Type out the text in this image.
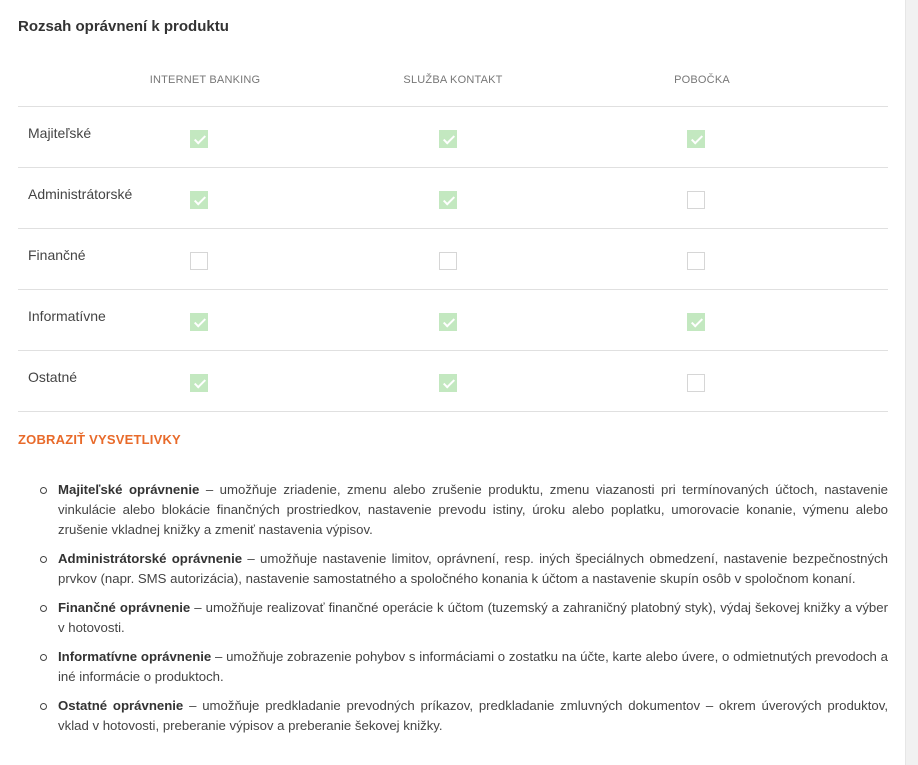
Rozsah oprávnení k produktu
INTERNET BANKING	SLUŽBA KONTAKT	POBOČKA
Majiteľské
Administrátorské
Finančné
Informatívne
Ostatné
ZOBRAZIŤ VYSVETLIVKY
Majiteľské oprávnenie – umožňuje zriadenie, zmenu alebo zrušenie produktu, zmenu viazanosti pri termínovaných účtoch, nastavenie vinkulácie alebo blokácie finančných prostriedkov, nastavenie prevodu istiny, úroku alebo poplatku, umorovacie konanie, výmenu alebo zrušenie vkladnej knižky a zmeniť nastavenia výpisov.
Administrátorské oprávnenie – umožňuje nastavenie limitov, oprávnení, resp. iných špeciálnych obmedzení, nastavenie bezpečnostných prvkov (napr. SMS autorizácia), nastavenie samostatného a spoločného konania k účtom a nastavenie skupín osôb v spoločnom konaní.
Finančné oprávnenie – umožňuje realizovať finančné operácie k účtom (tuzemský a zahraničný platobný styk), výdaj šekovej knižky a výber v hotovosti.
Informatívne oprávnenie – umožňuje zobrazenie pohybov s informáciami o zostatku na účte, karte alebo úvere, o odmietnutých prevodoch a iné informácie o produktoch.
Ostatné oprávnenie – umožňuje predkladanie prevodných príkazov, predkladanie zmluvných dokumentov – okrem úverových produktov, vklad v hotovosti, preberanie výpisov a preberanie šekovej knižky.
